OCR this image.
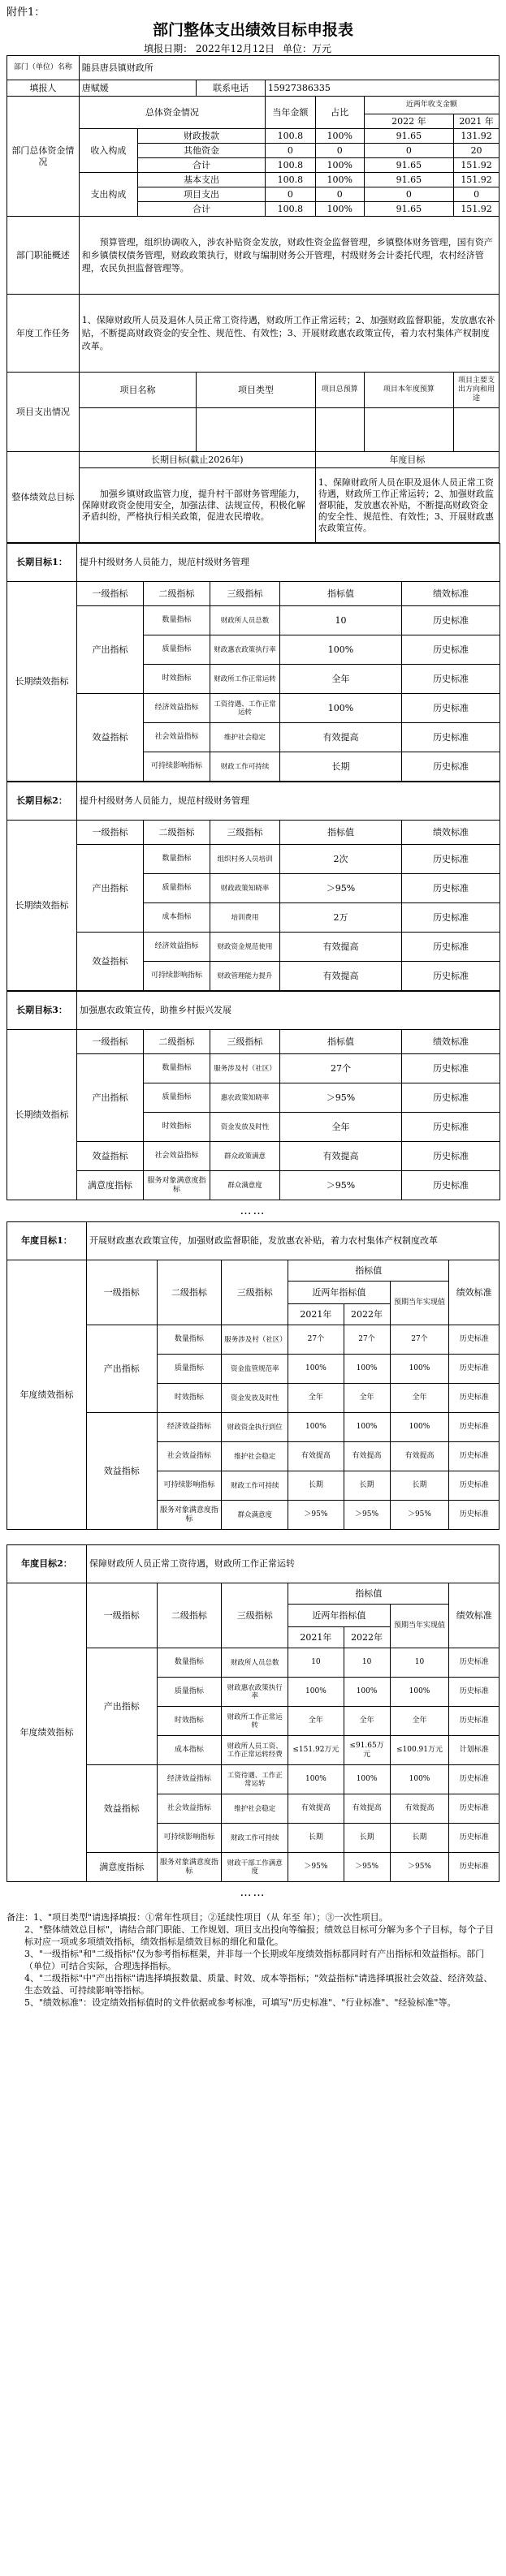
附件1：
部门整体支出绩效目标申报表
填报日期： 2022年12月12日 单位：万元
部门（单位）名称	随县唐县镇财政所						
填报人	唐赋媛		联系电话	15927386335			
部门总体资金情况	总体资金情况			当年金额	占比	近两年收支金额	
						2022 年	2021 年
	收入构成	财政拨款		100.8	100%	91.65	131.92
		其他资金		0	0	0	20
		合计		100.8	100%	91.65	151.92
	支出构成	基本支出		100.8	100%	91.65	151.92
		项目支出		0	0	0	0
		合计		100.8	100%	91.65	151.92
部门职能概述	预算管理，组织协调收入，涉农补贴资金发放，财政性资金监督管理，乡镇整体财务管理，国有资产和乡镇债权债务管理，财政政策执行，财政与编制财务公开管理，村级财务会计委托代理，农村经济管理，农民负担监督管理等。						
年度工作任务	1、保障财政所人员及退休人员正常工资待遇，财政所工作正常运转；2、加强财政监督职能，发放惠农补贴，不断提高财政资金的安全性、规范性、有效性；3、开展财政惠农政策宣传，着力农村集体产权制度改革。						
项目支出情况	项目名称		项目类型		项目总预算	项目本年度预算	项目主要支出方向和用途

整体绩效总目标	长期目标(截止2026年)				年度目标		
	加强乡镇财政监管力度，提升村干部财务管理能力，保障财政资金使用安全，加强法律、法规宣传，积极化解矛盾纠纷，严格执行相关政策，促进农民增收。				1、保障财政所人员在职及退休人员正常工资待遇，财政所工作正常运转；2、加强财政监督职能，发放惠农补贴，不断提高财政资金的安全性、规范性、有效性；3、开展财政惠农政策宣传。		
长期目标1：	提升村级财务人员能力，规范村级财务管理				
长期绩效指标	一级指标	二级指标	三级指标	指标值	绩效标准
	产出指标	数量指标	财政所人员总数	10	历史标准
		质量指标	财政惠农政策执行率	100%	历史标准
		时效指标	财政所工作正常运转	全年	历史标准
	效益指标	经济效益指标	工资待遇、工作正常运转	100%	历史标准
		社会效益指标	维护社会稳定	有效提高	历史标准
		可持续影响指标	财政工作可持续	长期	历史标准
长期目标2：	提升村级财务人员能力，规范村级财务管理				
长期绩效指标	一级指标	二级指标	三级指标	指标值	绩效标准
	产出指标	数量指标	组织村务人员培训	2次	历史标准
		质量指标	财政政策知晓率	＞95%	历史标准
		成本指标	培训费用	2万	历史标准
	效益指标	经济效益指标	财政资金规范使用	有效提高	历史标准
		可持续影响指标	财政管理能力提升	有效提高	历史标准
长期目标3：	加强惠农政策宣传，助推乡村振兴发展				
长期绩效指标	一级指标	二级指标	三级指标	指标值	绩效标准
	产出指标	数量指标	服务涉及村（社区）	27个	历史标准
		质量指标	惠农政策知晓率	＞95%	历史标准
		时效指标	资金发放及时性	全年	历史标准
	效益指标	社会效益指标	群众政策满意	有效提高	历史标准
	满意度指标	服务对象满意度指标	群众满意度	＞95%	历史标准
……
年度目标1：	开展财政惠农政策宣传，加强财政监督职能，发放惠农补贴，着力农村集体产权制度改革						
年度绩效指标	一级指标	二级指标	三级指标	指标值			绩效标准
				近两年指标值		预期当年实现值	
				2021年	2022年		
	产出指标	数量指标	服务涉及村（社区）	27个	27个	27个	历史标准
		质量指标	资金监管规范率	100%	100%	100%	历史标准
		时效指标	资金发放及时性	全年	全年	全年	历史标准
	效益指标	经济效益指标	财政资金执行到位	100%	100%	100%	历史标准
		社会效益指标	维护社会稳定	有效提高	有效提高	有效提高	历史标准
		可持续影响指标	财政工作可持续	长期	长期	长期	历史标准
		服务对象满意度指标	群众满意度	＞95%	＞95%	＞95%	历史标准
年度目标2：	保障财政所人员正常工资待遇，财政所工作正常运转						
年度绩效指标	一级指标	二级指标	三级指标	指标值			绩效标准
				近两年指标值		预期当年实现值	
				2021年	2022年		
	产出指标	数量指标	财政所人员总数	10	10	10	历史标准
		质量指标	财政惠农政策执行率	100%	100%	100%	历史标准
		时效指标	财政所工作正常运转	全年	全年	全年	历史标准
		成本指标	财政所人员工资、工作正常运转经费	≤151.92万元	≤91.65万元	≤100.91万元	计划标准
	效益指标	经济效益指标	工资待遇、工作正常运转	100%	100%	100%	历史标准
		社会效益指标	维护社会稳定	有效提高	有效提高	有效提高	历史标准
		可持续影响指标	财政工作可持续	长期	长期	长期	历史标准
	满意度指标	服务对象满意度指标	财政干部工作满意度	＞95%	＞95%	＞95%	历史标准
……

备注：1、"项目类型"请选择填报：①常年性项目；②延续性项目（从 年至 年）；③一次性项目。

2、"整体绩效总目标"，请结合部门职能、工作规划、项目支出投向等编报；绩效总目标可分解为多个子目标，每个子目标对应一项或多项绩效指标，绩效指标是绩效目标的细化和量化。

3、"一级指标"和"二级指标"仅为参考指标框架，并非每一个长期或年度绩效指标都同时有产出指标和效益指标。部门（单位）可结合实际，合理选择指标。

4、"二级指标"中"产出指标"请选择填报数量、质量、时效、成本等指标；"效益指标"请选择填报社会效益、经济效益、生态效益、可持续影响等指标。

5、"绩效标准"：设定绩效指标值时的文件依据或参考标准，可填写"历史标准"、"行业标准"、"经验标准"等。
